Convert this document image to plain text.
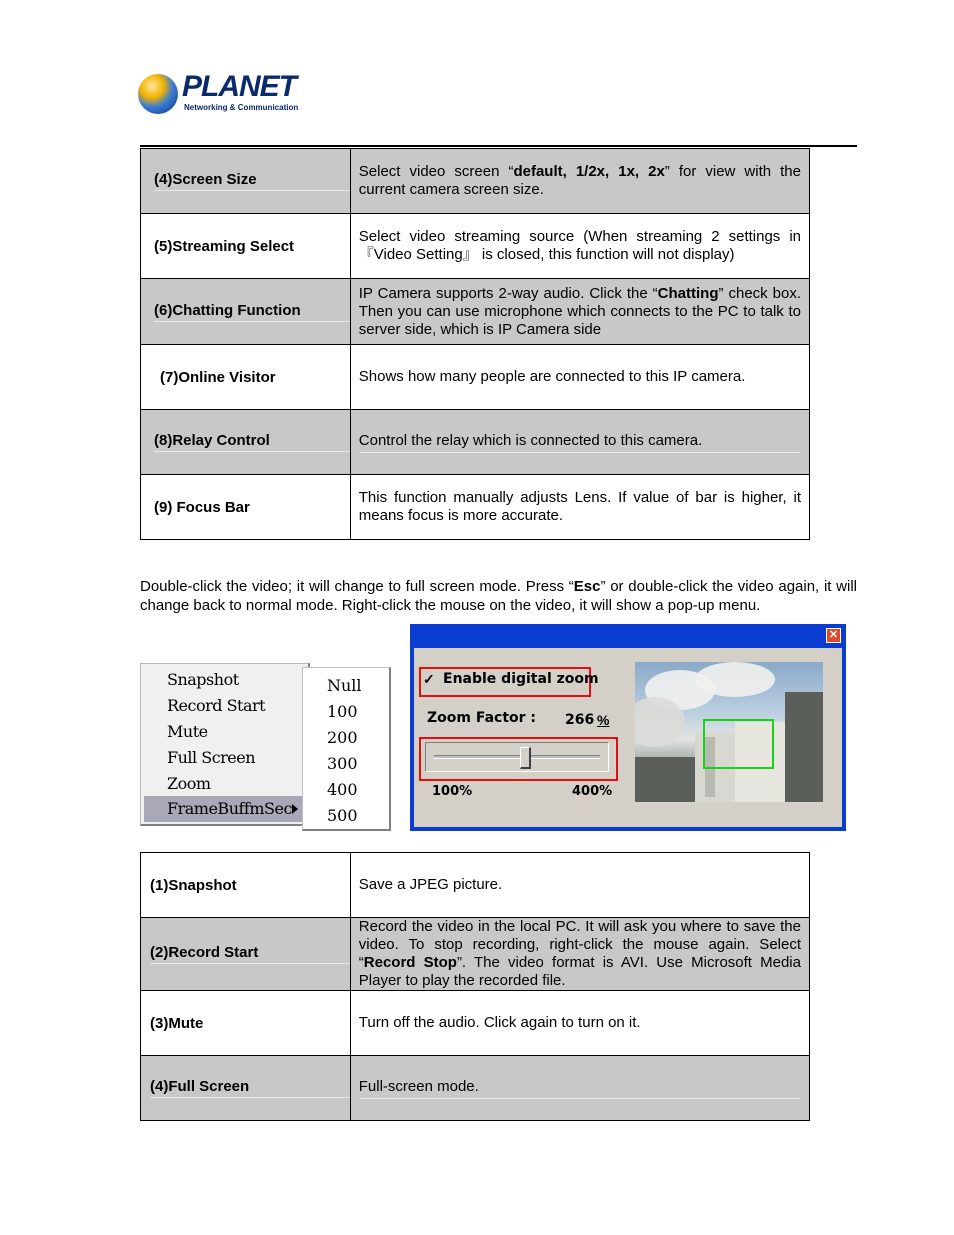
PLANET
Networking & Communication
(4)Screen Size	Select video screen “default, 1/2x, 1x, 2x” for view with the current camera screen size.
(5)Streaming Select	Select video streaming source (When streaming 2 settings in 『Video Setting』 is closed, this function will not display)

(6)Chatting Function	IP Camera supports 2-way audio. Click the “Chatting” check box. Then you can use microphone which connects to the PC to talk to server side, which is IP Camera side
(7)Online Visitor	Shows how many people are connected to this IP camera.

(8)Relay Control	Control the relay which is connected to this camera.

(9) Focus Bar	This function manually adjusts Lens. If value of bar is higher, it means focus is more accurate.

Double-click the video; it will change to full screen mode. Press “Esc” or double-click the video again, it will change back to normal mode. Right-click the mouse on the video, it will show a pop-up menu.

Snapshot
Record Start
Mute
Full Screen
Zoom
FrameBuffmSec
Null
100
200
300
400
500
✕
✓ Enable digital zoom
Zoom Factor : 266 %
100%	400%
(1)Snapshot	Save a JPEG picture.

(2)Record Start	Record the video in the local PC. It will ask you where to save the video. To stop recording, right-click the mouse again. Select “Record Stop”. The video format is AVI. Use Microsoft Media Player to play the recorded file.
(3)Mute	Turn off the audio. Click again to turn on it.

(4)Full Screen	Full-screen mode.
